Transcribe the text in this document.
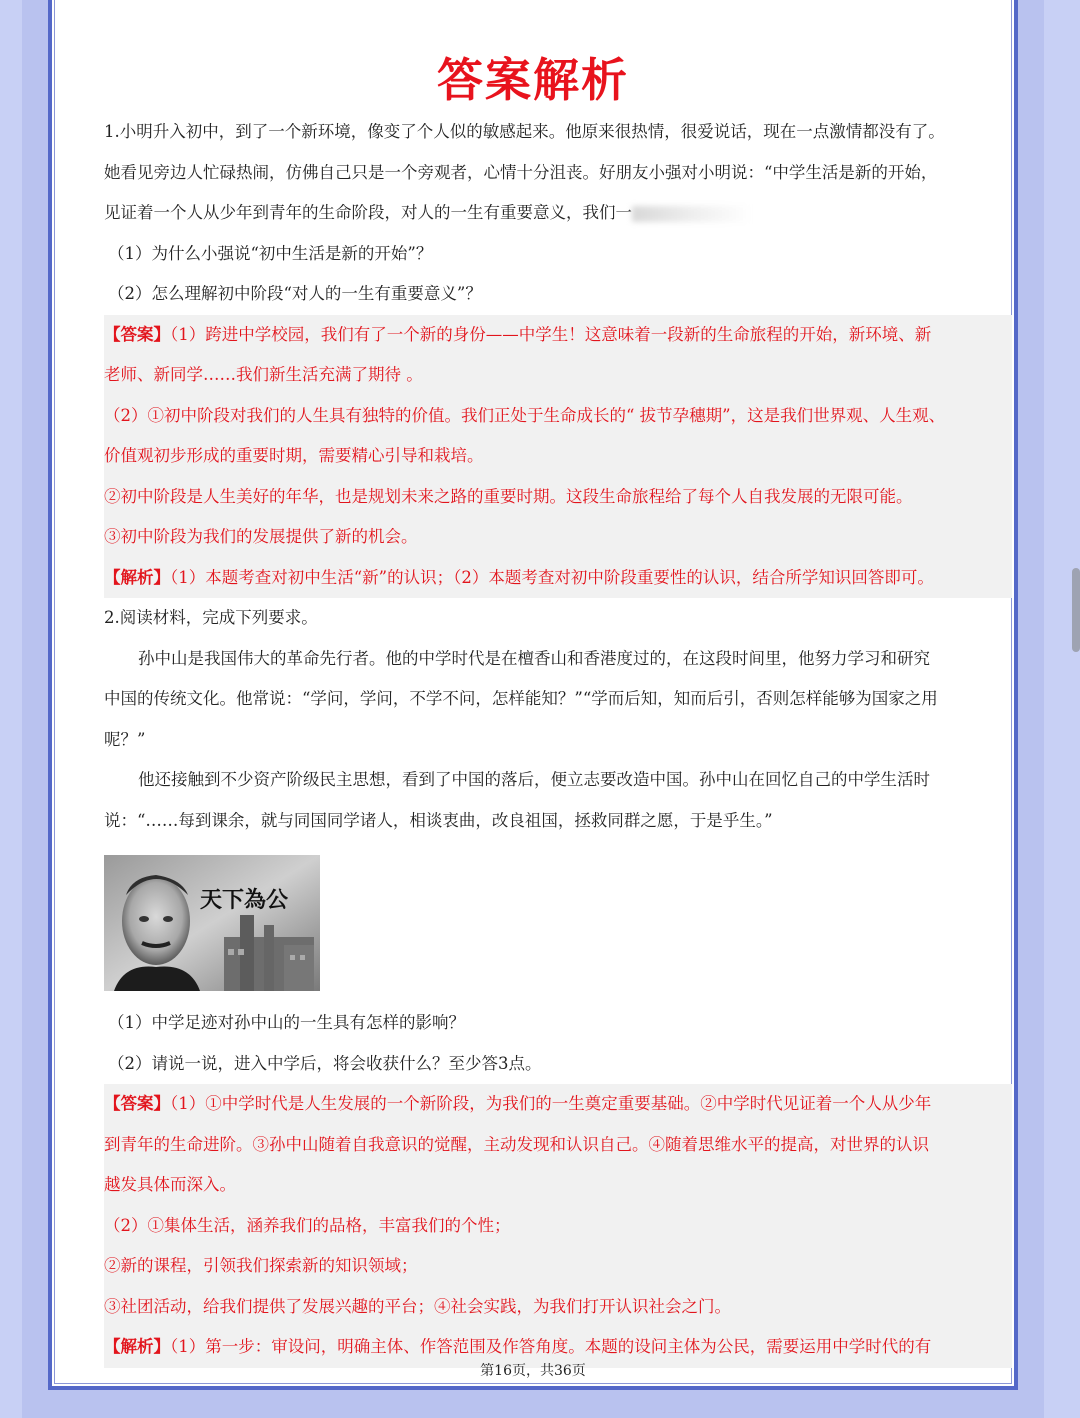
答案解析
1.小明升入初中，到了一个新环境，像变了个人似的敏感起来。他原来很热情，很爱说话，现在一点激情都没有了。
她看见旁边人忙碌热闹，仿佛自己只是一个旁观者，心情十分沮丧。好朋友小强对小明说：“中学生活是新的开始，
见证着一个人从少年到青年的生命阶段，对人的一生有重要意义，我们一
（1）为什么小强说“初中生活是新的开始”？
（2）怎么理解初中阶段“对人的一生有重要意义”？
【答案】（1）跨进中学校园，我们有了一个新的身份——中学生！这意味着一段新的生命旅程的开始，新环境、新
老师、新同学……我们新生活充满了期待 。
（2）①初中阶段对我们的人生具有独特的价值。我们正处于生命成长的“ 拔节孕穗期”，这是我们世界观、人生观、
价值观初步形成的重要时期，需要精心引导和栽培。
②初中阶段是人生美好的年华，也是规划未来之路的重要时期。这段生命旅程给了每个人自我发展的无限可能。
③初中阶段为我们的发展提供了新的机会。
【解析】（1）本题考查对初中生活“新”的认识；（2）本题考查对初中阶段重要性的认识，结合所学知识回答即可。
2.阅读材料，完成下列要求。
孙中山是我国伟大的革命先行者。他的中学时代是在檀香山和香港度过的，在这段时间里，他努力学习和研究
中国的传统文化。他常说：“学问，学问，不学不问，怎样能知？”“学而后知，知而后引，否则怎样能够为国家之用
呢？”
他还接触到不少资产阶级民主思想，看到了中国的落后，便立志要改造中国。孙中山在回忆自己的中学生活时
说：“……每到课余，就与同国同学诸人，相谈衷曲，改良祖国，拯救同群之愿，于是乎生。”
天下為公
（1）中学足迹对孙中山的一生具有怎样的影响？
（2）请说一说，进入中学后，将会收获什么？至少答3点。
【答案】（1）①中学时代是人生发展的一个新阶段，为我们的一生奠定重要基础。②中学时代见证着一个人从少年
到青年的生命进阶。③孙中山随着自我意识的觉醒，主动发现和认识自己。④随着思维水平的提高，对世界的认识
越发具体而深入。
（2）①集体生活，涵养我们的品格，丰富我们的个性；
②新的课程，引领我们探索新的知识领域；
③社团活动，给我们提供了发展兴趣的平台；④社会实践，为我们打开认识社会之门。
【解析】（1）第一步：审设问，明确主体、作答范围及作答角度。本题的设问主体为公民，需要运用中学时代的有
第16页，共36页
